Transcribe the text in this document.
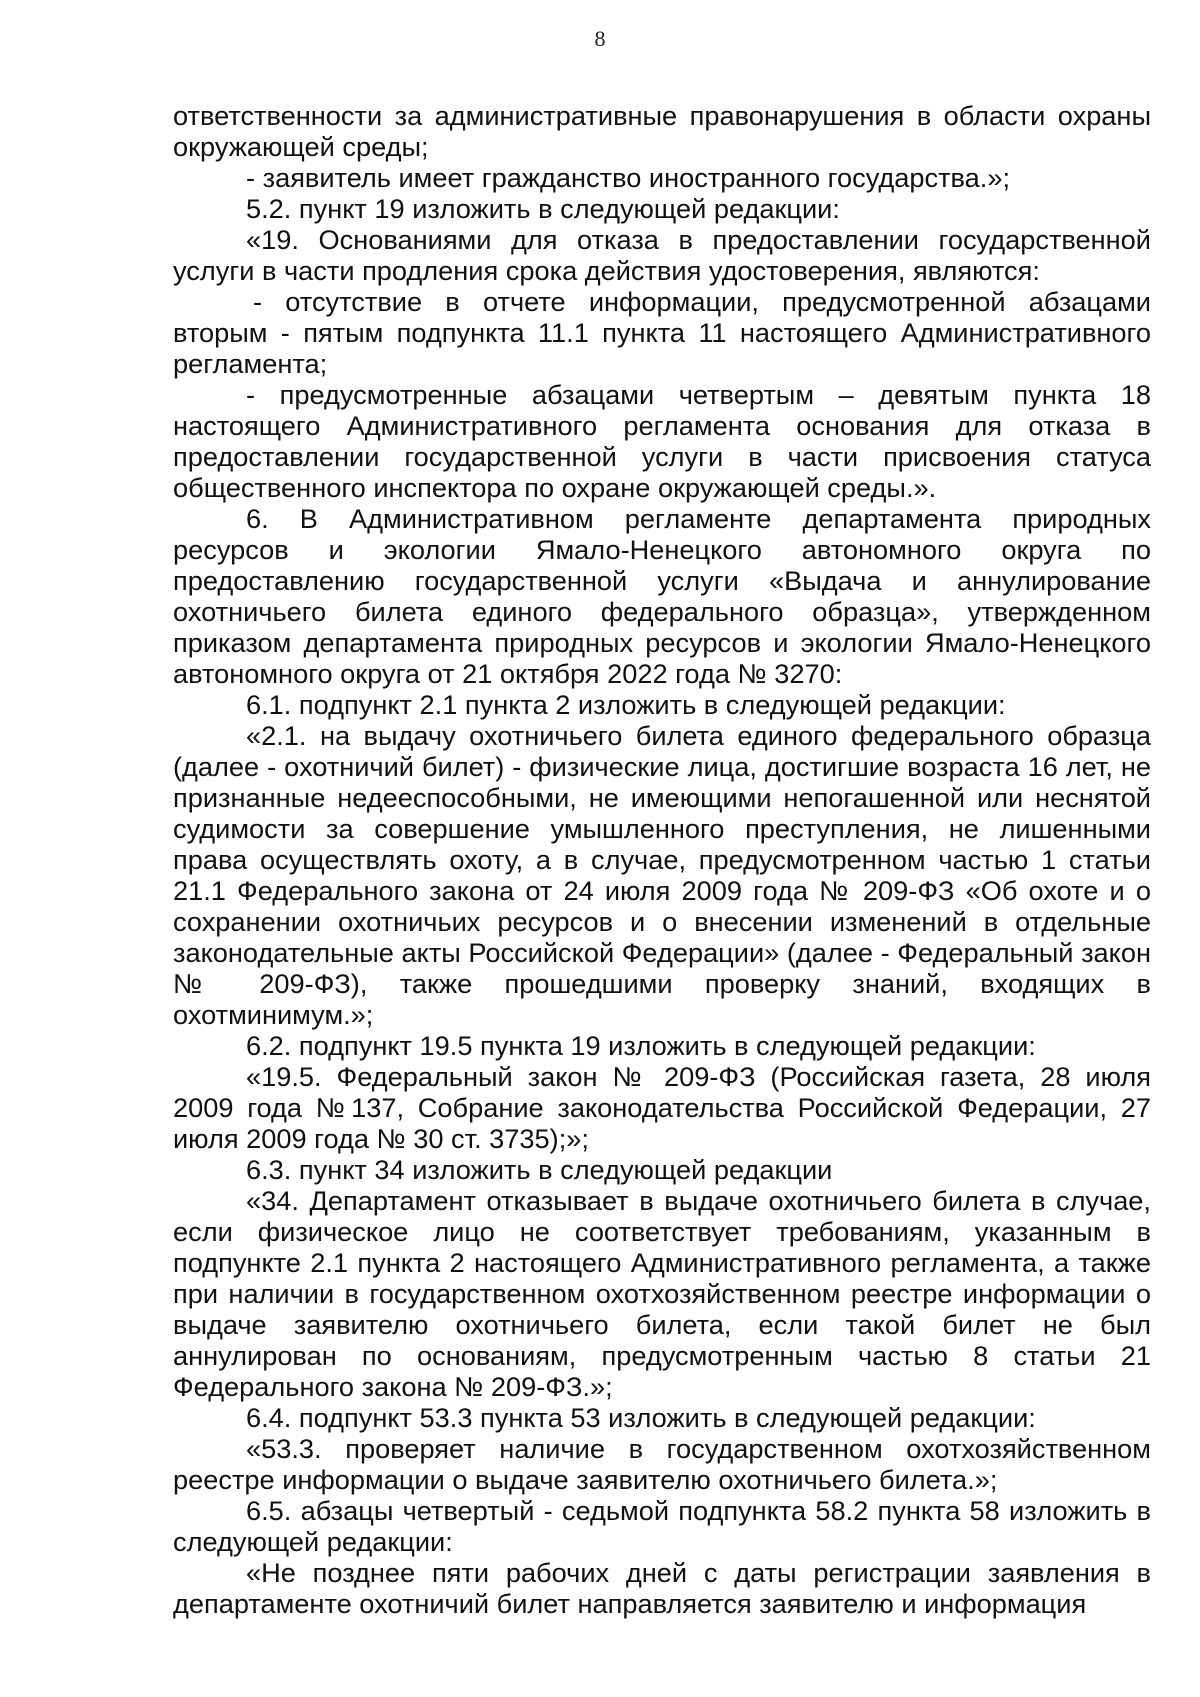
8

ответственности за административные правонарушения в области охраны окружающей среды;

- заявитель имеет гражданство иностранного государства.»;

5.2. пункт 19 изложить в следующей редакции:

«19. Основаниями для отказа в предоставлении государственной услуги в части продления срока действия удостоверения, являются:

- отсутствие в отчете информации, предусмотренной абзацами вторым - пятым подпункта 11.1 пункта 11 настоящего Административного регламента;

- предусмотренные абзацами четвертым – девятым пункта 18 настоящего Административного регламента основания для отказа в предоставлении государственной услуги в части присвоения статуса общественного инспектора по охране окружающей среды.».

6. В Административном регламенте департамента природных ресурсов и экологии Ямало-Ненецкого автономного округа по предоставлению государственной услуги «Выдача и аннулирование охотничьего билета единого федерального образца», утвержденном приказом департамента природных ресурсов и экологии Ямало-Ненецкого автономного округа от 21 октября 2022 года № 3270:

6.1. подпункт 2.1 пункта 2 изложить в следующей редакции:

«2.1. на выдачу охотничьего билета единого федерального образца (далее - охотничий билет) - физические лица, достигшие возраста 16 лет, не признанные недееспособными, не имеющими непогашенной или неснятой судимости за совершение умышленного преступления, не лишенными права осуществлять охоту, а в случае, предусмотренном частью 1 статьи 21.1 Федерального закона от 24 июля 2009 года № 209-ФЗ «Об охоте и о сохранении охотничьих ресурсов и о внесении изменений в отдельные законодательные акты Российской Федерации» (далее - Федеральный закон № 209-ФЗ), также прошедшими проверку знаний, входящих в охотминимум.»;

6.2. подпункт 19.5 пункта 19 изложить в следующей редакции:

«19.5. Федеральный закон № 209-ФЗ (Российская газета, 28 июля 2009 года №137, Собрание законодательства Российской Федерации, 27 июля 2009 года № 30 ст. 3735);»;

6.3. пункт 34 изложить в следующей редакции

«34. Департамент отказывает в выдаче охотничьего билета в случае, если физическое лицо не соответствует требованиям, указанным в подпункте 2.1 пункта 2 настоящего Административного регламента, а также при наличии в государственном охотхозяйственном реестре информации о выдаче заявителю охотничьего билета, если такой билет не был аннулирован по основаниям, предусмотренным частью 8 статьи 21 Федерального закона № 209-ФЗ.»;

6.4. подпункт 53.3 пункта 53 изложить в следующей редакции:

«53.3. проверяет наличие в государственном охотхозяйственном реестре информации о выдаче заявителю охотничьего билета.»;

6.5. абзацы четвертый - седьмой подпункта 58.2 пункта 58 изложить в следующей редакции:

«Не позднее пяти рабочих дней с даты регистрации заявления в департаменте охотничий билет направляется заявителю и информация
